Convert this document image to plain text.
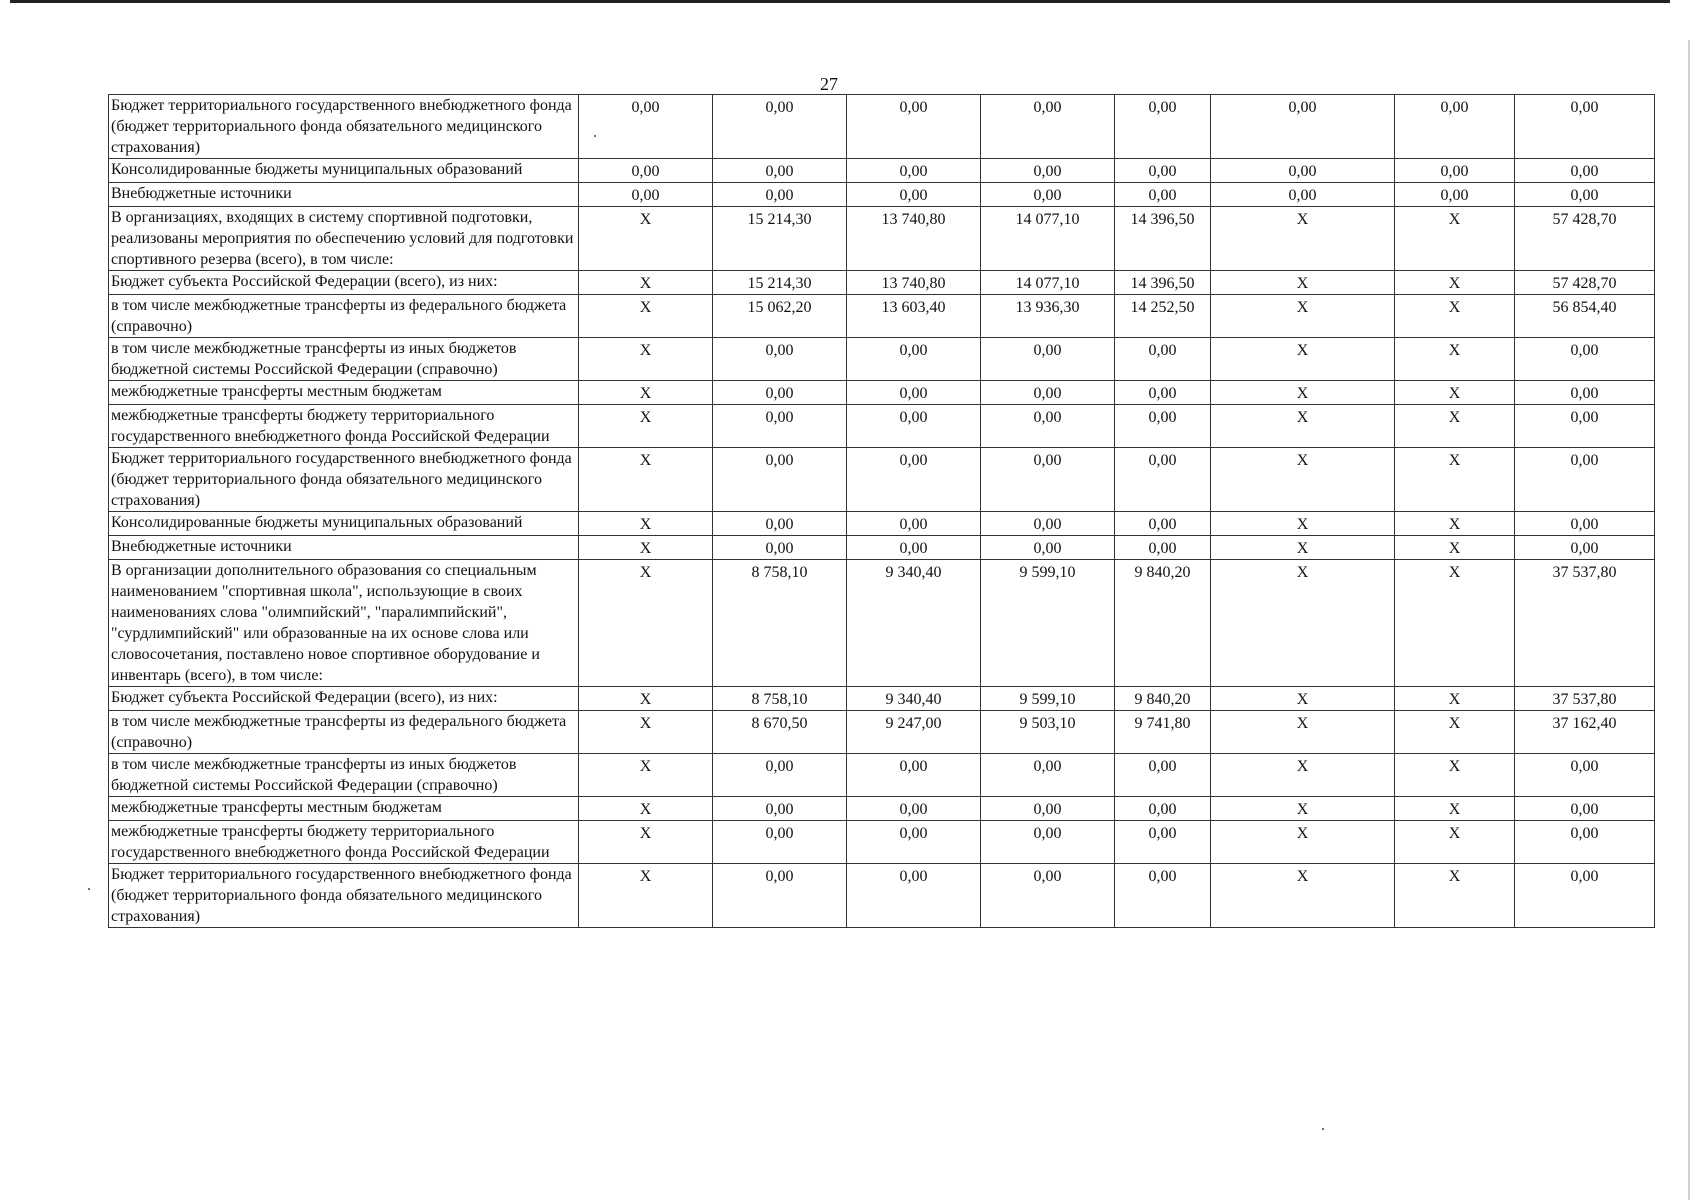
27
Бюджет территориального государственного внебюджетного фонда (бюджет территориального фонда обязательного медицинского страхования)	0,00	0,00	0,00	0,00	0,00	0,00	0,00	0,00
Консолидированные бюджеты муниципальных образований	0,00	0,00	0,00	0,00	0,00	0,00	0,00	0,00
Внебюджетные источники	0,00	0,00	0,00	0,00	0,00	0,00	0,00	0,00
В организациях, входящих в систему спортивной подготовки, реализованы мероприятия по обеспечению условий для подготовки спортивного резерва (всего), в том числе:	X	15 214,30	13 740,80	14 077,10	14 396,50	X	X	57 428,70
Бюджет субъекта Российской Федерации (всего), из них:	X	15 214,30	13 740,80	14 077,10	14 396,50	X	X	57 428,70
в том числе межбюджетные трансферты из федерального бюджета (справочно)	X	15 062,20	13 603,40	13 936,30	14 252,50	X	X	56 854,40
в том числе межбюджетные трансферты из иных бюджетов бюджетной системы Российской Федерации (справочно)	X	0,00	0,00	0,00	0,00	X	X	0,00
межбюджетные трансферты местным бюджетам	X	0,00	0,00	0,00	0,00	X	X	0,00
межбюджетные трансферты бюджету территориального государственного внебюджетного фонда Российской Федерации	X	0,00	0,00	0,00	0,00	X	X	0,00
Бюджет территориального государственного внебюджетного фонда (бюджет территориального фонда обязательного медицинского страхования)	X	0,00	0,00	0,00	0,00	X	X	0,00
Консолидированные бюджеты муниципальных образований	X	0,00	0,00	0,00	0,00	X	X	0,00
Внебюджетные источники	X	0,00	0,00	0,00	0,00	X	X	0,00
В организации дополнительного образования со специальным наименованием "спортивная школа", использующие в своих наименованиях слова "олимпийский", "паралимпийский", "сурдлимпийский" или образованные на их основе слова или словосочетания, поставлено новое спортивное оборудование и инвентарь (всего), в том числе:	X	8 758,10	9 340,40	9 599,10	9 840,20	X	X	37 537,80
Бюджет субъекта Российской Федерации (всего), из них:	X	8 758,10	9 340,40	9 599,10	9 840,20	X	X	37 537,80
в том числе межбюджетные трансферты из федерального бюджета (справочно)	X	8 670,50	9 247,00	9 503,10	9 741,80	X	X	37 162,40
в том числе межбюджетные трансферты из иных бюджетов бюджетной системы Российской Федерации (справочно)	X	0,00	0,00	0,00	0,00	X	X	0,00
межбюджетные трансферты местным бюджетам	X	0,00	0,00	0,00	0,00	X	X	0,00
межбюджетные трансферты бюджету территориального государственного внебюджетного фонда Российской Федерации	X	0,00	0,00	0,00	0,00	X	X	0,00
Бюджет территориального государственного внебюджетного фонда (бюджет территориального фонда обязательного медицинского страхования)	X	0,00	0,00	0,00	0,00	X	X	0,00
